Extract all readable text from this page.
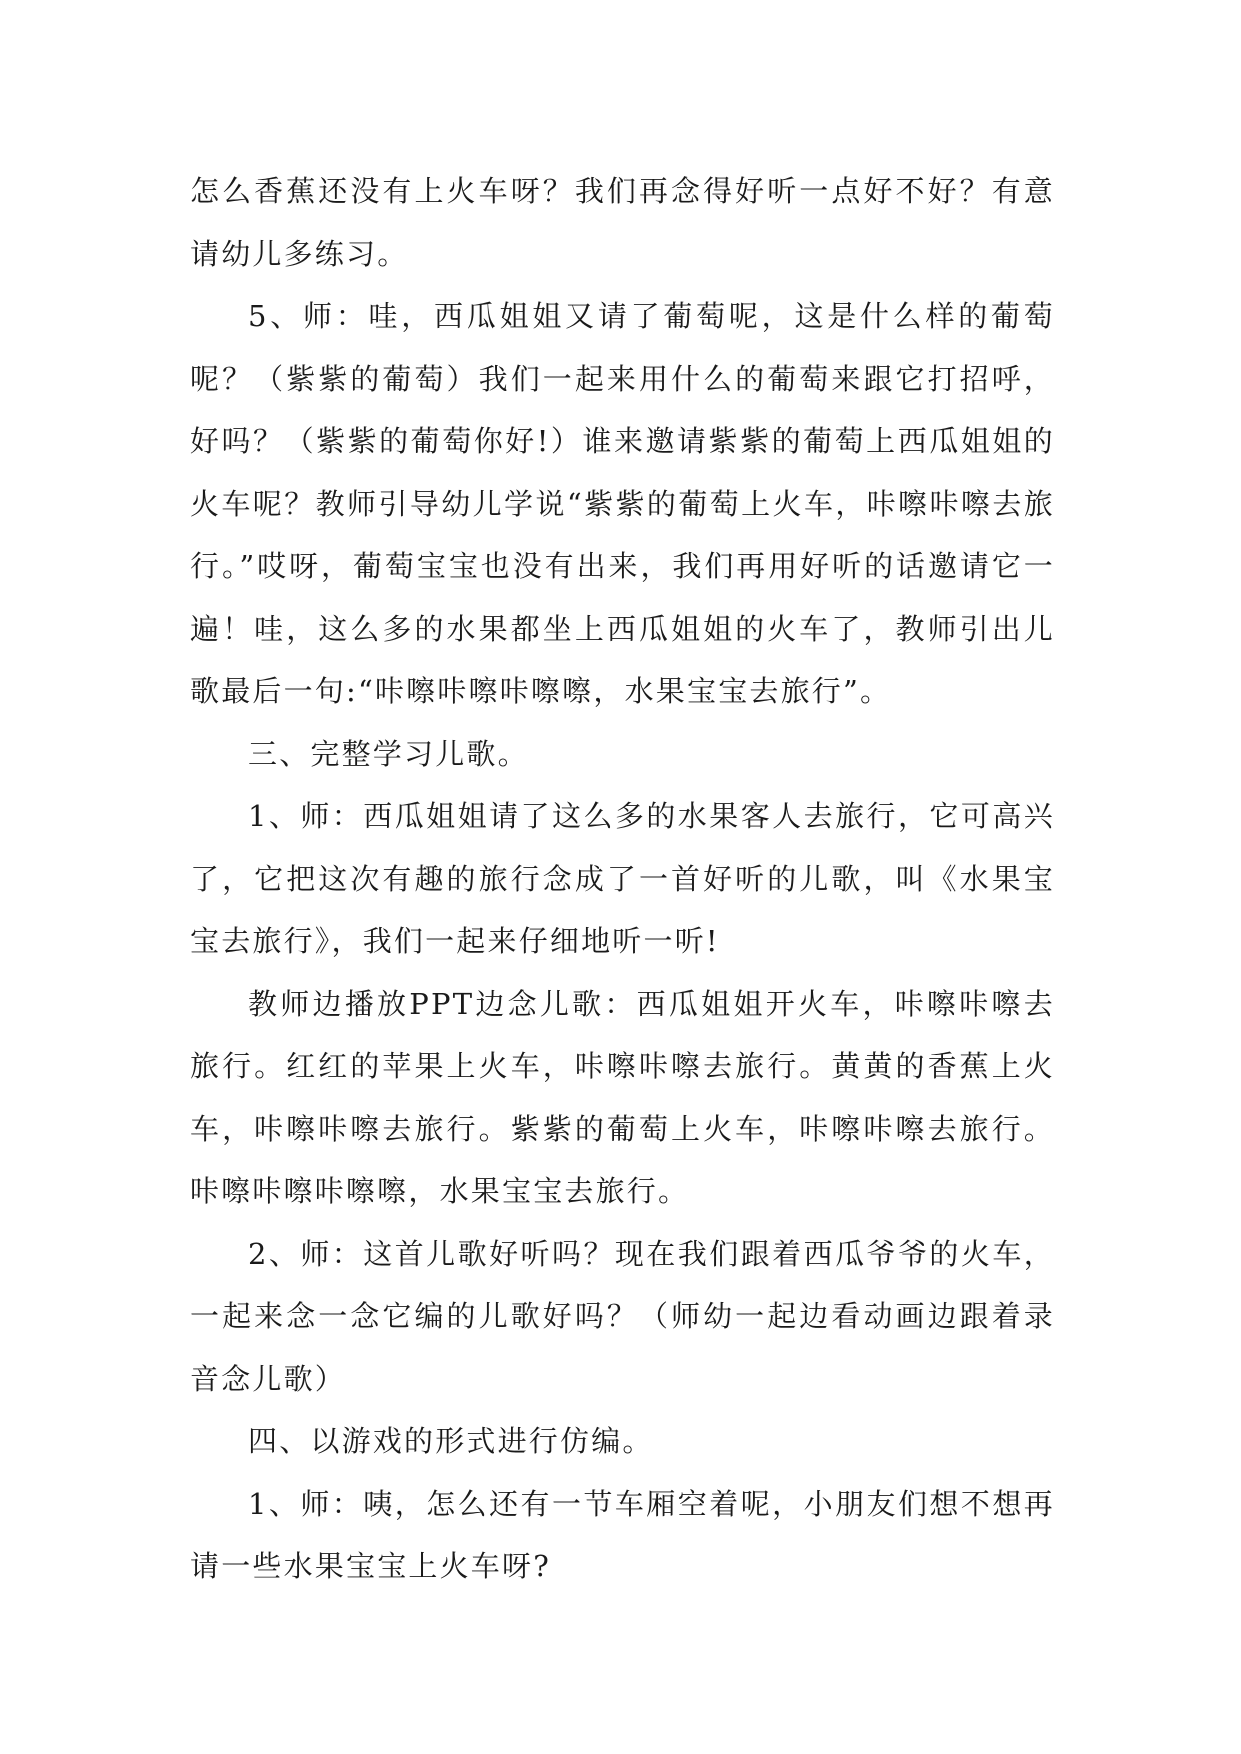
怎么香蕉还没有上火车呀？我们再念得好听一点好不好？有意请幼儿多练习。

5、师：哇，西瓜姐姐又请了葡萄呢，这是什么样的葡萄呢？（紫紫的葡萄）我们一起来用什么的葡萄来跟它打招呼，好吗？（紫紫的葡萄你好!）谁来邀请紫紫的葡萄上西瓜姐姐的火车呢？教师引导幼儿学说“紫紫的葡萄上火车，咔嚓咔嚓去旅行。”哎呀，葡萄宝宝也没有出来，我们再用好听的话邀请它一遍！哇，这么多的水果都坐上西瓜姐姐的火车了，教师引出儿歌最后一句:“咔嚓咔嚓咔嚓嚓，水果宝宝去旅行”。

三、完整学习儿歌。

1、师：西瓜姐姐请了这么多的水果客人去旅行，它可高兴了，它把这次有趣的旅行念成了一首好听的儿歌，叫《水果宝宝去旅行》，我们一起来仔细地听一听!

教师边播放PPT边念儿歌：西瓜姐姐开火车，咔嚓咔嚓去旅行。红红的苹果上火车，咔嚓咔嚓去旅行。黄黄的香蕉上火车，咔嚓咔嚓去旅行。紫紫的葡萄上火车，咔嚓咔嚓去旅行。咔嚓咔嚓咔嚓嚓，水果宝宝去旅行。

2、师：这首儿歌好听吗？现在我们跟着西瓜爷爷的火车，一起来念一念它编的儿歌好吗？（师幼一起边看动画边跟着录音念儿歌）

四、以游戏的形式进行仿编。

1、师：咦，怎么还有一节车厢空着呢，小朋友们想不想再请一些水果宝宝上火车呀?
